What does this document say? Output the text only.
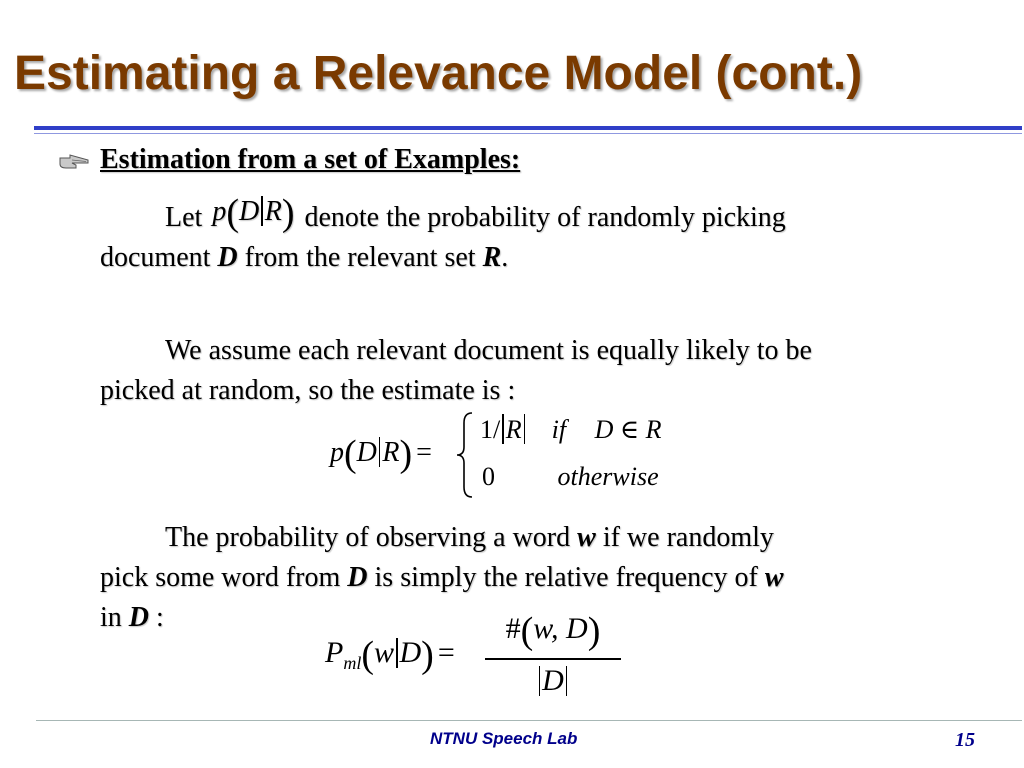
Estimating a Relevance Model (cont.)
Estimation from a set of Examples:
Let p(D R) denote the probability of randomly picking
document D from the relevant set R.
We assume each relevant document is equally likely to be
picked at random, so the estimate is :
p(D R) =
1/ R if D ∈ R
0 otherwise
The probability of observing a word w if we randomly
pick some word from D is simply the relative frequency of w
in D :
$P_{ml}(w$ D) =
#(w, D)
D
NTNU Speech Lab	15
